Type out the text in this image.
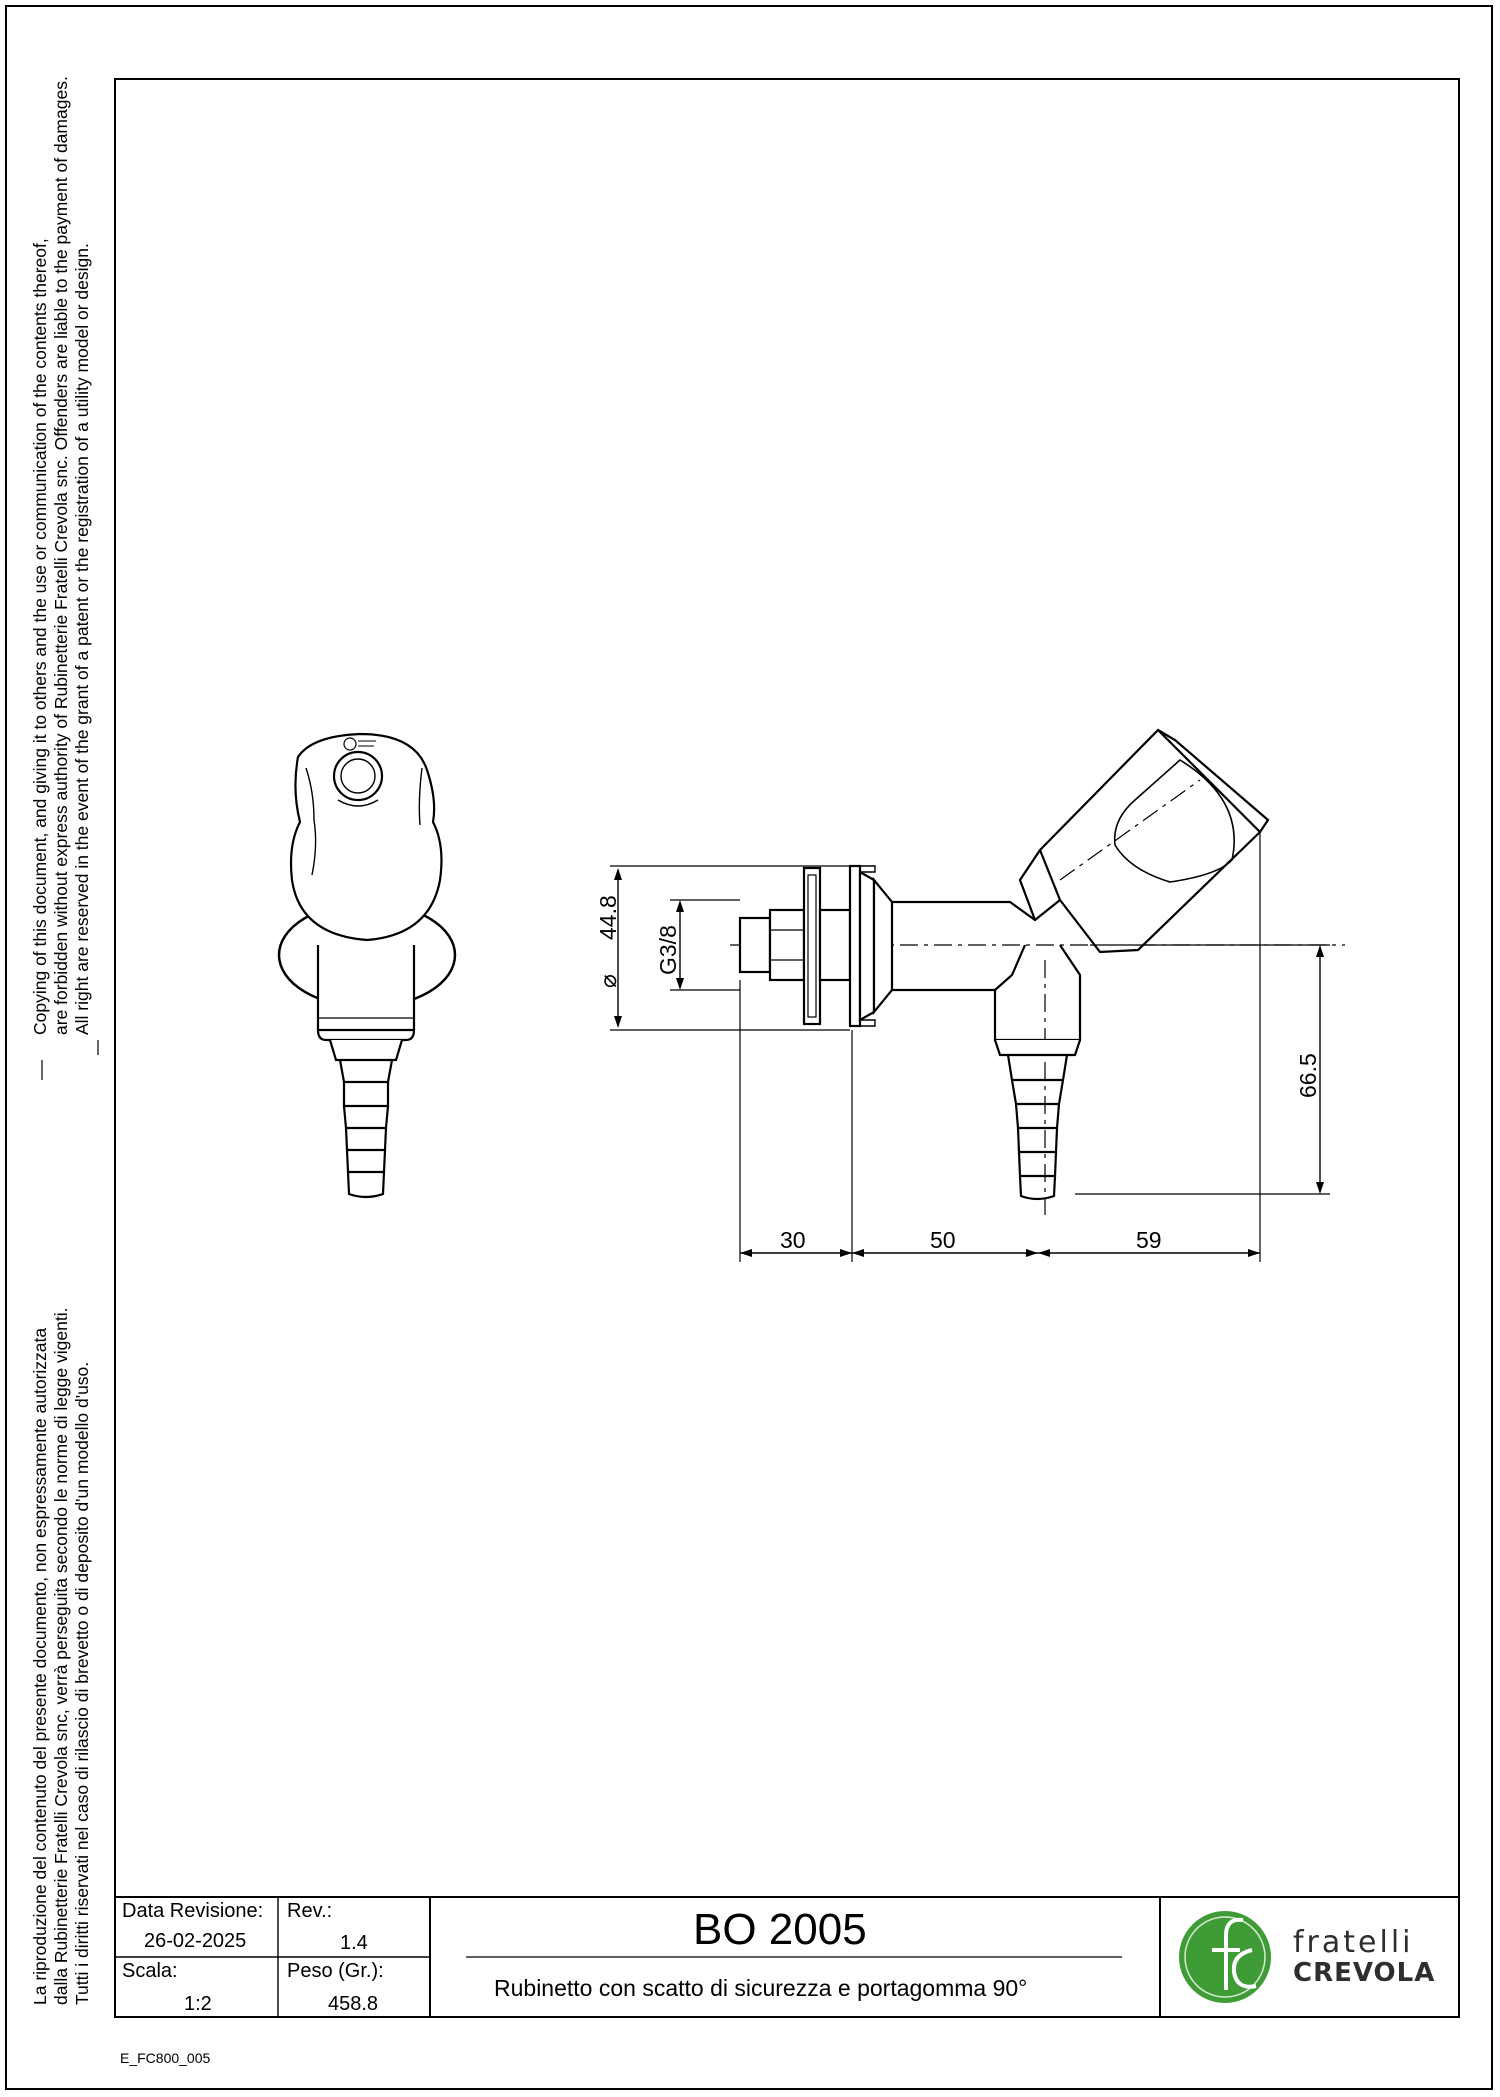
Copying of this document, and giving it to others and the use or communication of the contents thereof, are forbidden without express authority of Rubinetterie Fratelli Crevola snc. Offenders are liable to the payment of damages. All right are reserved in the event of the grant of a patent or the registration of a utility model or design.
La riproduzione del contenuto del presente documento, non espressamente autorizzata dalla Rubinetterie Fratelli Crevola snc, verrà perseguita secondo le norme di legge vigenti. Tutti i diritti riservati nel caso di rilascio di brevetto o di deposito d'un modello d'uso.
44.8
⌀
G3/8
66.5
30	50	59
Data Revisione:
26-02-2025
Rev.:
1.4
Scala:
1:2
Peso (Gr.):
458.8
BO 2005
Rubinetto con scatto di sicurezza e portagomma 90°
fratelli
CREVOLA
E_FC800_005
